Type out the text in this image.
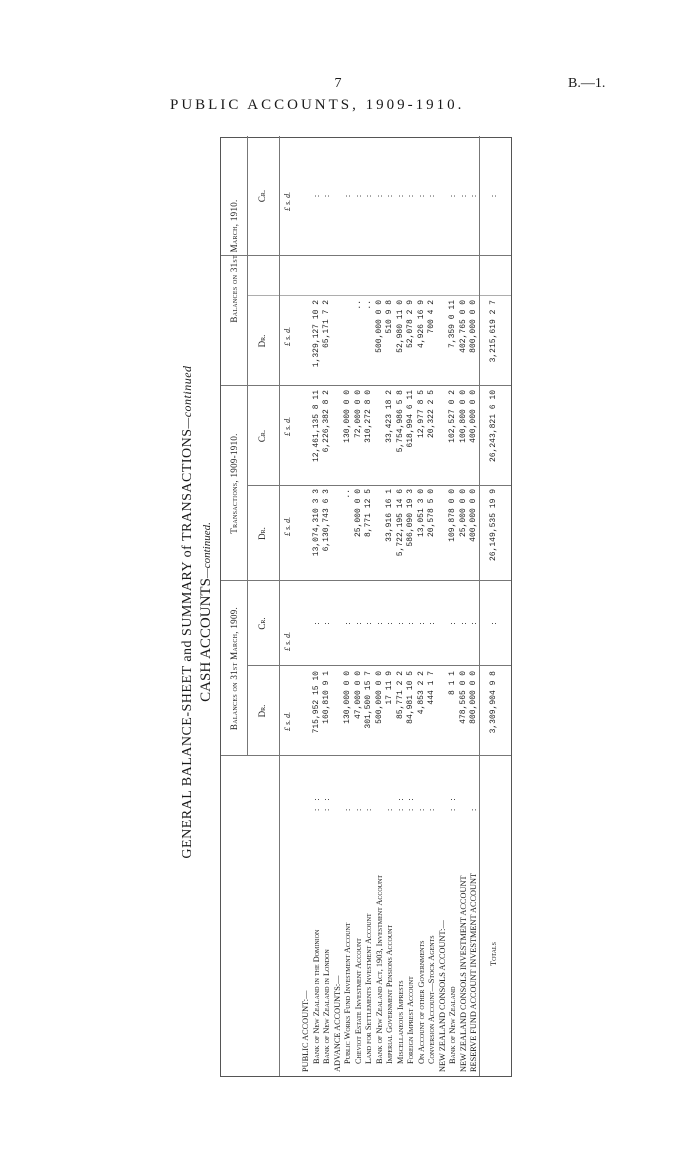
7	B.—1.
PUBLIC ACCOUNTS, 1909-1910.
GENERAL BALANCE-SHEET and SUMMARY of TRANSACTIONS—continued
CASH ACCOUNTS—continued.
Balances on 31st March, 1909.
Transactions, 1909-1910.
Balances on 31st March, 1910.
Dr.
Cr.
Dr.
Cr.
Dr.
Cr.
£ s. d.
£ s. d.
£ s. d.
£ s. d.
£ s. d.
£ s. d.
PUBLIC ACCOUNT:— Bank of New Zealand in the Dominion
: :
715,952 15 10
:
13,074,310 3 3
12,461,135 8 11
1,329,127 10 2
:
Bank of New Zealand in London
: :
160,810 9 1
:
6,130,743 6 3
6,226,382 8 2
65,171 7 2
:
ADVANCE ACCOUNTS:— Public Works Fund Investment Account
:
130,000 0 0
:
..
130,000 0 0
:
Cheviot Estate Investment Account
:
47,000 0 0
:
25,000 0 0
72,000 0 0
..
:
Land for Settlements Investment Account
:
301,500 15 7
:
8,771 12 5
310,272 8 0
..
:
Bank of New Zealand Act, 1903, Investment Account
500,000 0 0
:
500,000 0 0
:
Imperial Government Pensions Account
:
17 11 9
:
33,916 16 1
33,423 18 2
510 9 8
:
Miscellaneous Imprests
: :
85,771 2 2
:
5,722,195 14 6
5,754,986 5 8
52,980 11 0
:
Foreign Imprest Account
: :
84,981 10 5
:
586,090 19 3
618,994 6 11
52,078 2 9
:
On Account of other Governments
:
4,853 2 2
:
13,051 3 0
12,977 8 5
4,926 16 9
:
Conversion Account—Stock Agents
:
444 1 7
:
20,578 5 0
20,322 2 5
700 4 2
:
NEW ZEALAND CONSOLS ACCOUNT:— Bank of New Zealand
: :
8 1 1
:
109,878 0 0
102,527 0 2
7,359 0 11
:
NEW ZEALAND CONSOLS INVESTMENT ACCOUNT
478,565 0 0
:
25,000 0 0
100,800 0 0
402,765 0 0
:
RESERVE FUND ACCOUNT INVESTMENT ACCOUNT
:
800,000 0 0
:
400,000 0 0
400,000 0 0
800,000 0 0
:
Totals
3,309,904 9 8
:
26,149,535 19 9
26,243,821 6 10
3,215,619 2 7
:
